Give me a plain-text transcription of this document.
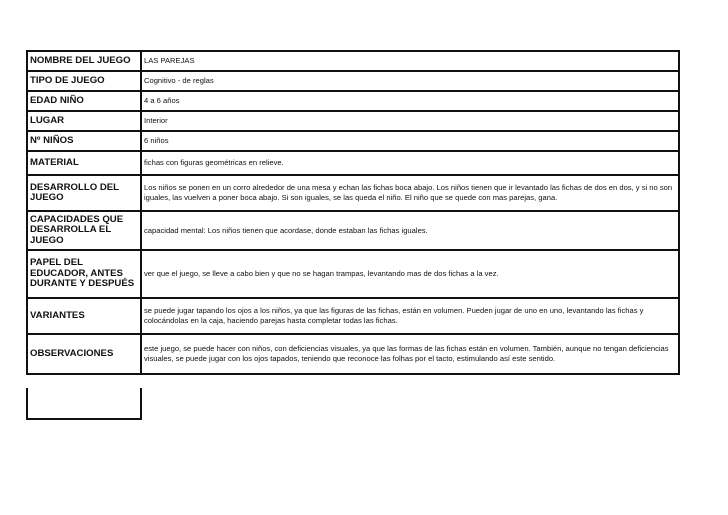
NOMBRE DEL JUEGO	LAS PAREJAS
TIPO DE JUEGO	Cognitivo - de reglas
EDAD NIÑO	4 a 6 años
LUGAR	Interior
Nº NIÑOS	6 niños
MATERIAL	fichas con figuras geométricas en relieve.
DESARROLLO DEL JUEGO	Los niños se ponen en un corro alrededor de una mesa y echan las fichas boca abajo. Los niños tienen que ir levantado las fichas de dos en dos, y si no son iguales, las vuelven a poner boca abajo. Si son iguales, se las queda el niño. El niño que se quede con mas parejas, gana.
CAPACIDADES QUE DESARROLLA EL JUEGO	capacidad mental: Los niños tienen que acordase, donde estaban las fichas iguales.
PAPEL DEL EDUCADOR, ANTES DURANTE Y DESPUÉS	ver que el juego, se lleve a cabo bien y que no se hagan trampas, levantando mas de dos fichas a la vez.
VARIANTES	se puede jugar tapando los ojos a los niños, ya que las figuras de las fichas, están en volumen. Pueden jugar de uno en uno, levantando las fichas y colocándolas en la caja, haciendo parejas hasta completar todas las fichas.
OBSERVACIONES	este juego, se puede hacer con niños, con deficiencias visuales, ya que las formas de las fichas están en volumen. También, aunque no tengan deficiencias visuales, se puede jugar con los ojos tapados, teniendo que reconoce las folhas por el tacto, estimulando así este sentido.
